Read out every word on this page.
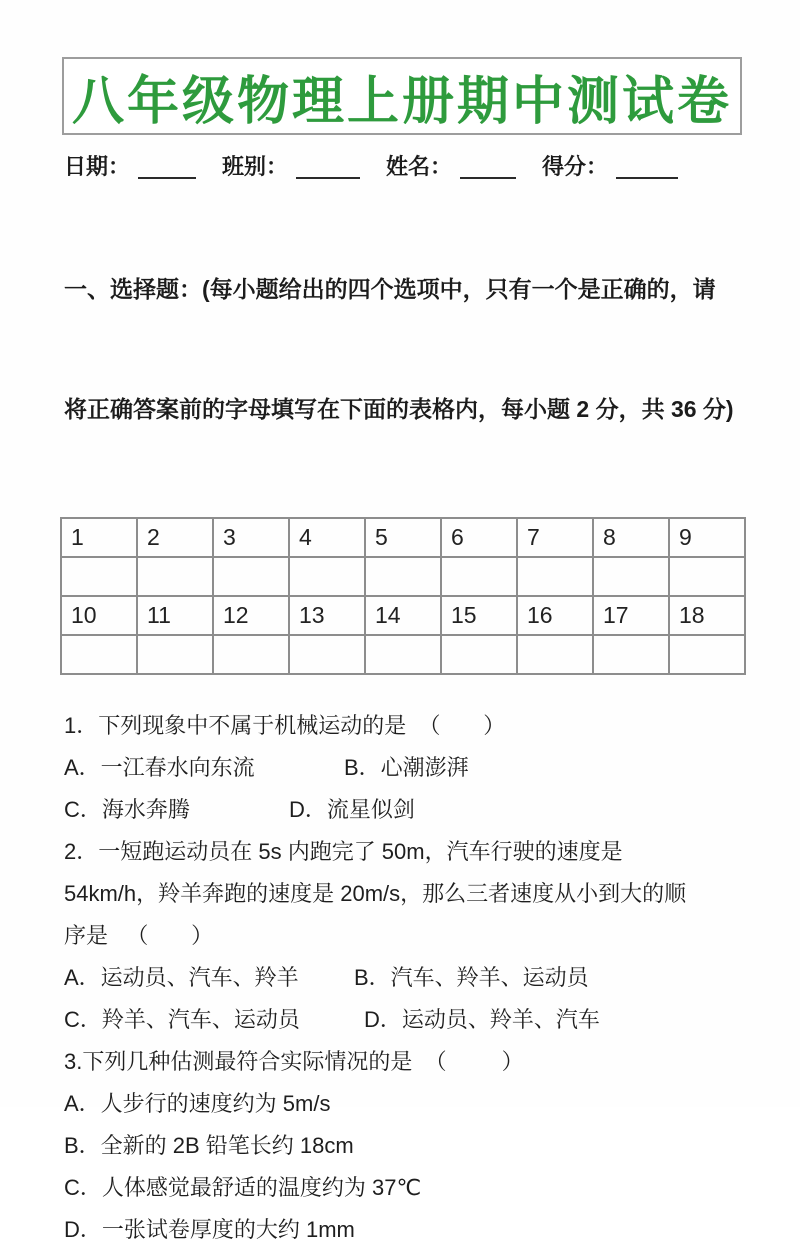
八年级物理上册期中测试卷
日期：	班别：	姓名：	得分：

一、选择题：(每小题给出的四个选项中，只有一个是正确的，请

将正确答案前的字母填写在下面的表格内，每小题 2 分，共 36 分)

1	2	3	4	5	6	7	8	9

10	11	12	13	14	15	16	17	18

1．下列现象中不属于机械运动的是  （       ）
A．一江春水向东流	B．心潮澎湃
C．海水奔腾	D．流星似剑
2．一短跑运动员在 5s 内跑完了 50m，汽车行驶的速度是
54km/h，羚羊奔跑的速度是 20m/s，那么三者速度从小到大的顺
序是   （       ）
A．运动员、汽车、羚羊	B．汽车、羚羊、运动员
C．羚羊、汽车、运动员	D．运动员、羚羊、汽车
3.下列几种估测最符合实际情况的是  （         ）
A．人步行的速度约为 5m/s
B．全新的 2B 铅笔长约 18cm
C．人体感觉最舒适的温度约为 37℃
D．一张试卷厚度的大约 1mm
